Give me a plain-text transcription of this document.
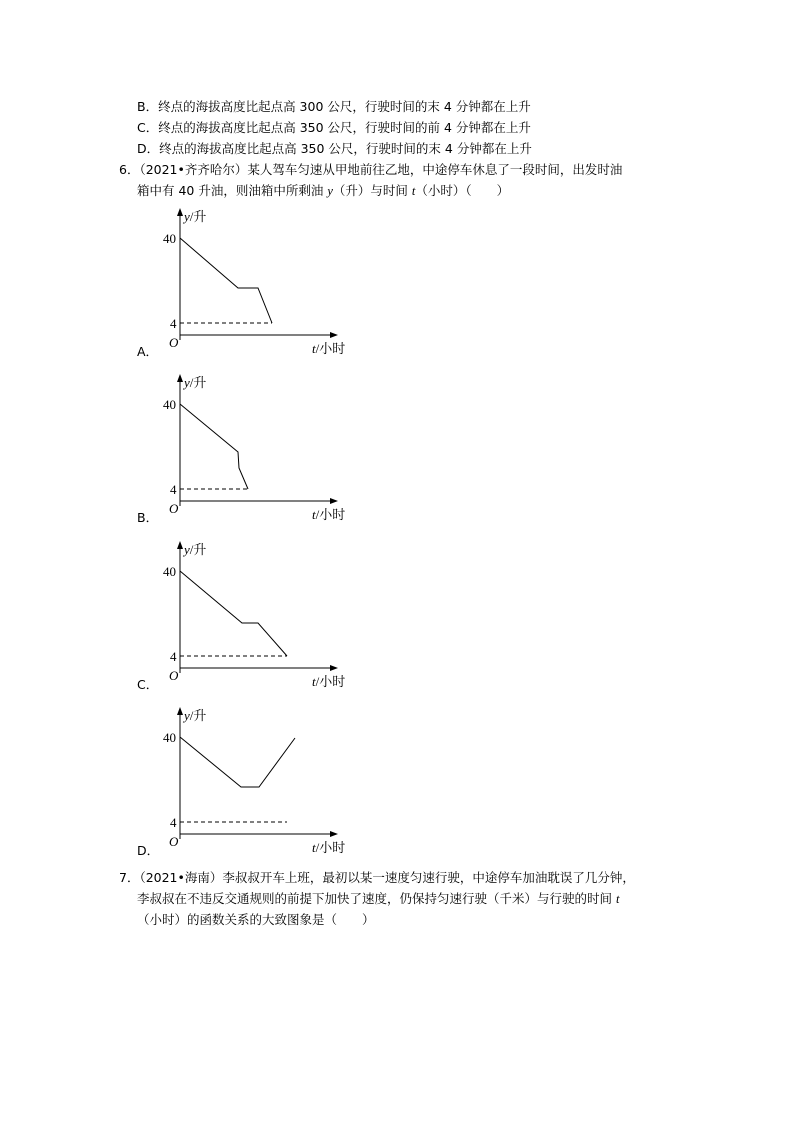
B．终点的海拔高度比起点高 300 公尺，行驶时间的末 4 分钟都在上升
C．终点的海拔高度比起点高 350 公尺，行驶时间的前 4 分钟都在上升
D．终点的海拔高度比起点高 350 公尺，行驶时间的末 4 分钟都在上升
6．（2021•齐齐哈尔）某人驾车匀速从甲地前往乙地，中途停车休息了一段时间，出发时油
箱中有 40 升油，则油箱中所剩油 y（升）与时间 t（小时）（　　）
40
4
O
y/升
t/小时
A．
40
4
O
y/升
t/小时
B．
40
4
O
y/升
t/小时
C．
40
4
O
y/升
t/小时
D．
7．（2021•海南）李叔叔开车上班，最初以某一速度匀速行驶，中途停车加油耽误了几分钟，
李叔叔在不违反交通规则的前提下加快了速度，仍保持匀速行驶（千米）与行驶的时间 t
（小时）的函数关系的大致图象是（　　）
